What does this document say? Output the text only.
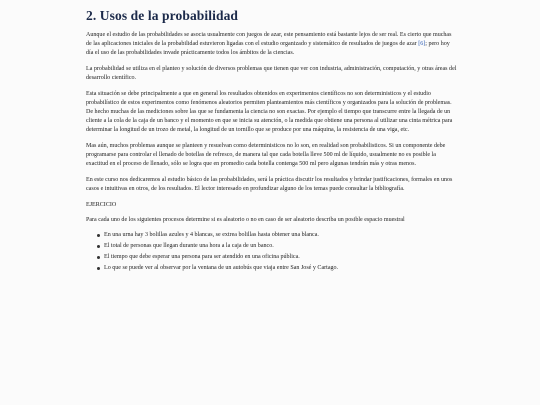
2. Usos de la probabilidad

Aunque el estudio de las probabilidades se asocia usualmente con juegos de azar, este pensamiento está bastante lejos de ser real. Es cierto que muchas de las aplicaciones iniciales de la probabilidad estuvieron ligadas con el estudio organizado y sistemático de resultados de juegos de azar [6]; pero hoy día el uso de las probabilidades invade prácticamente todos los ámbitos de la ciencias.

La probabilidad se utiliza en el planteo y solución de diversos problemas que tienen que ver con industria, administración, computación, y otras áreas del desarrollo científico.

Esta situación se debe principalmente a que en general los resultados obtenidos en experimentos científicos no son deterministicos y el estudio probabilístico de estos experimentos como fenómenos aleatorios permiten planteamientos más científicos y organizados para la solución de problemas. De hecho muchas de las mediciones sobre las que se fundamenta la ciencia no son exactas. Por ejemplo el tiempo que transcurre entre la llegada de un cliente a la cola de la caja de un banco y el momento en que se inicia su atención, o la medida que obtiene una persona al utilizar una cinta métrica para determinar la longitud de un trozo de metal, la longitud de un tornillo que se produce por una máquina, la resistencia de una viga, etc.

Mas aún, muchos problemas aunque se planteen y resuelvan como deterministicos no lo son, en realidad son probabilisticos. Si un componente debe programarse para controlar el llenado de botellas de refresco, de manera tal que cada botella lleve 500 ml de líquido, usualmente no es posible la exactitud en el proceso de llenado, sólo se logra que en promedio cada botella contenga 500 ml pero algunas tendrán más y otras menos.

En este curso nos dedicaremos al estudio básico de las probabilidades, será la práctica discutir los resultados y brindar justificaciones, formales en unos casos e intuitivas en otros, de los resultados. El lector interesado en profundizar alguno de los temas puede consultar la bibliografía.

EJERCICIO

Para cada uno de los siguientes procesos determine si es aleatorio o no en caso de ser aleatorio describa un posible espacio muestral

En una urna hay 3 bolillas azules y 4 blancas, se extrea bolillas hasta obtener una blanca.
El total de personas que llegan durante una hora a la caja de un banco.
El tiempo que debe esperar una persona para ser atendido en una oficina pública.
Lo que se puede ver al observar por la ventana de un autobús que viaja entre San José y Cartago.
